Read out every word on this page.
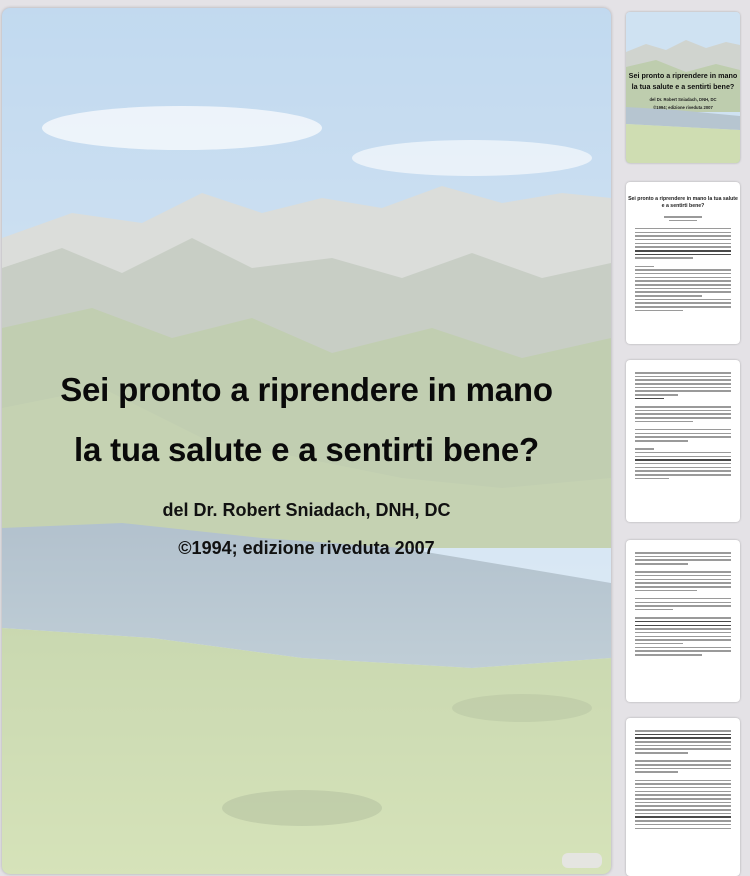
Sei pronto a riprendere in mano
la tua salute e a sentirti bene?
del Dr. Robert Sniadach, DNH, DC
©1994; edizione riveduta 2007
Sei pronto a riprendere in mano
la tua salute e a sentirti bene?
del Dr. Robert Sniadach, DNH, DC
©1994; edizione riveduta 2007
Sei pronto a riprendere in mano la tua salute
e a sentirti bene?
